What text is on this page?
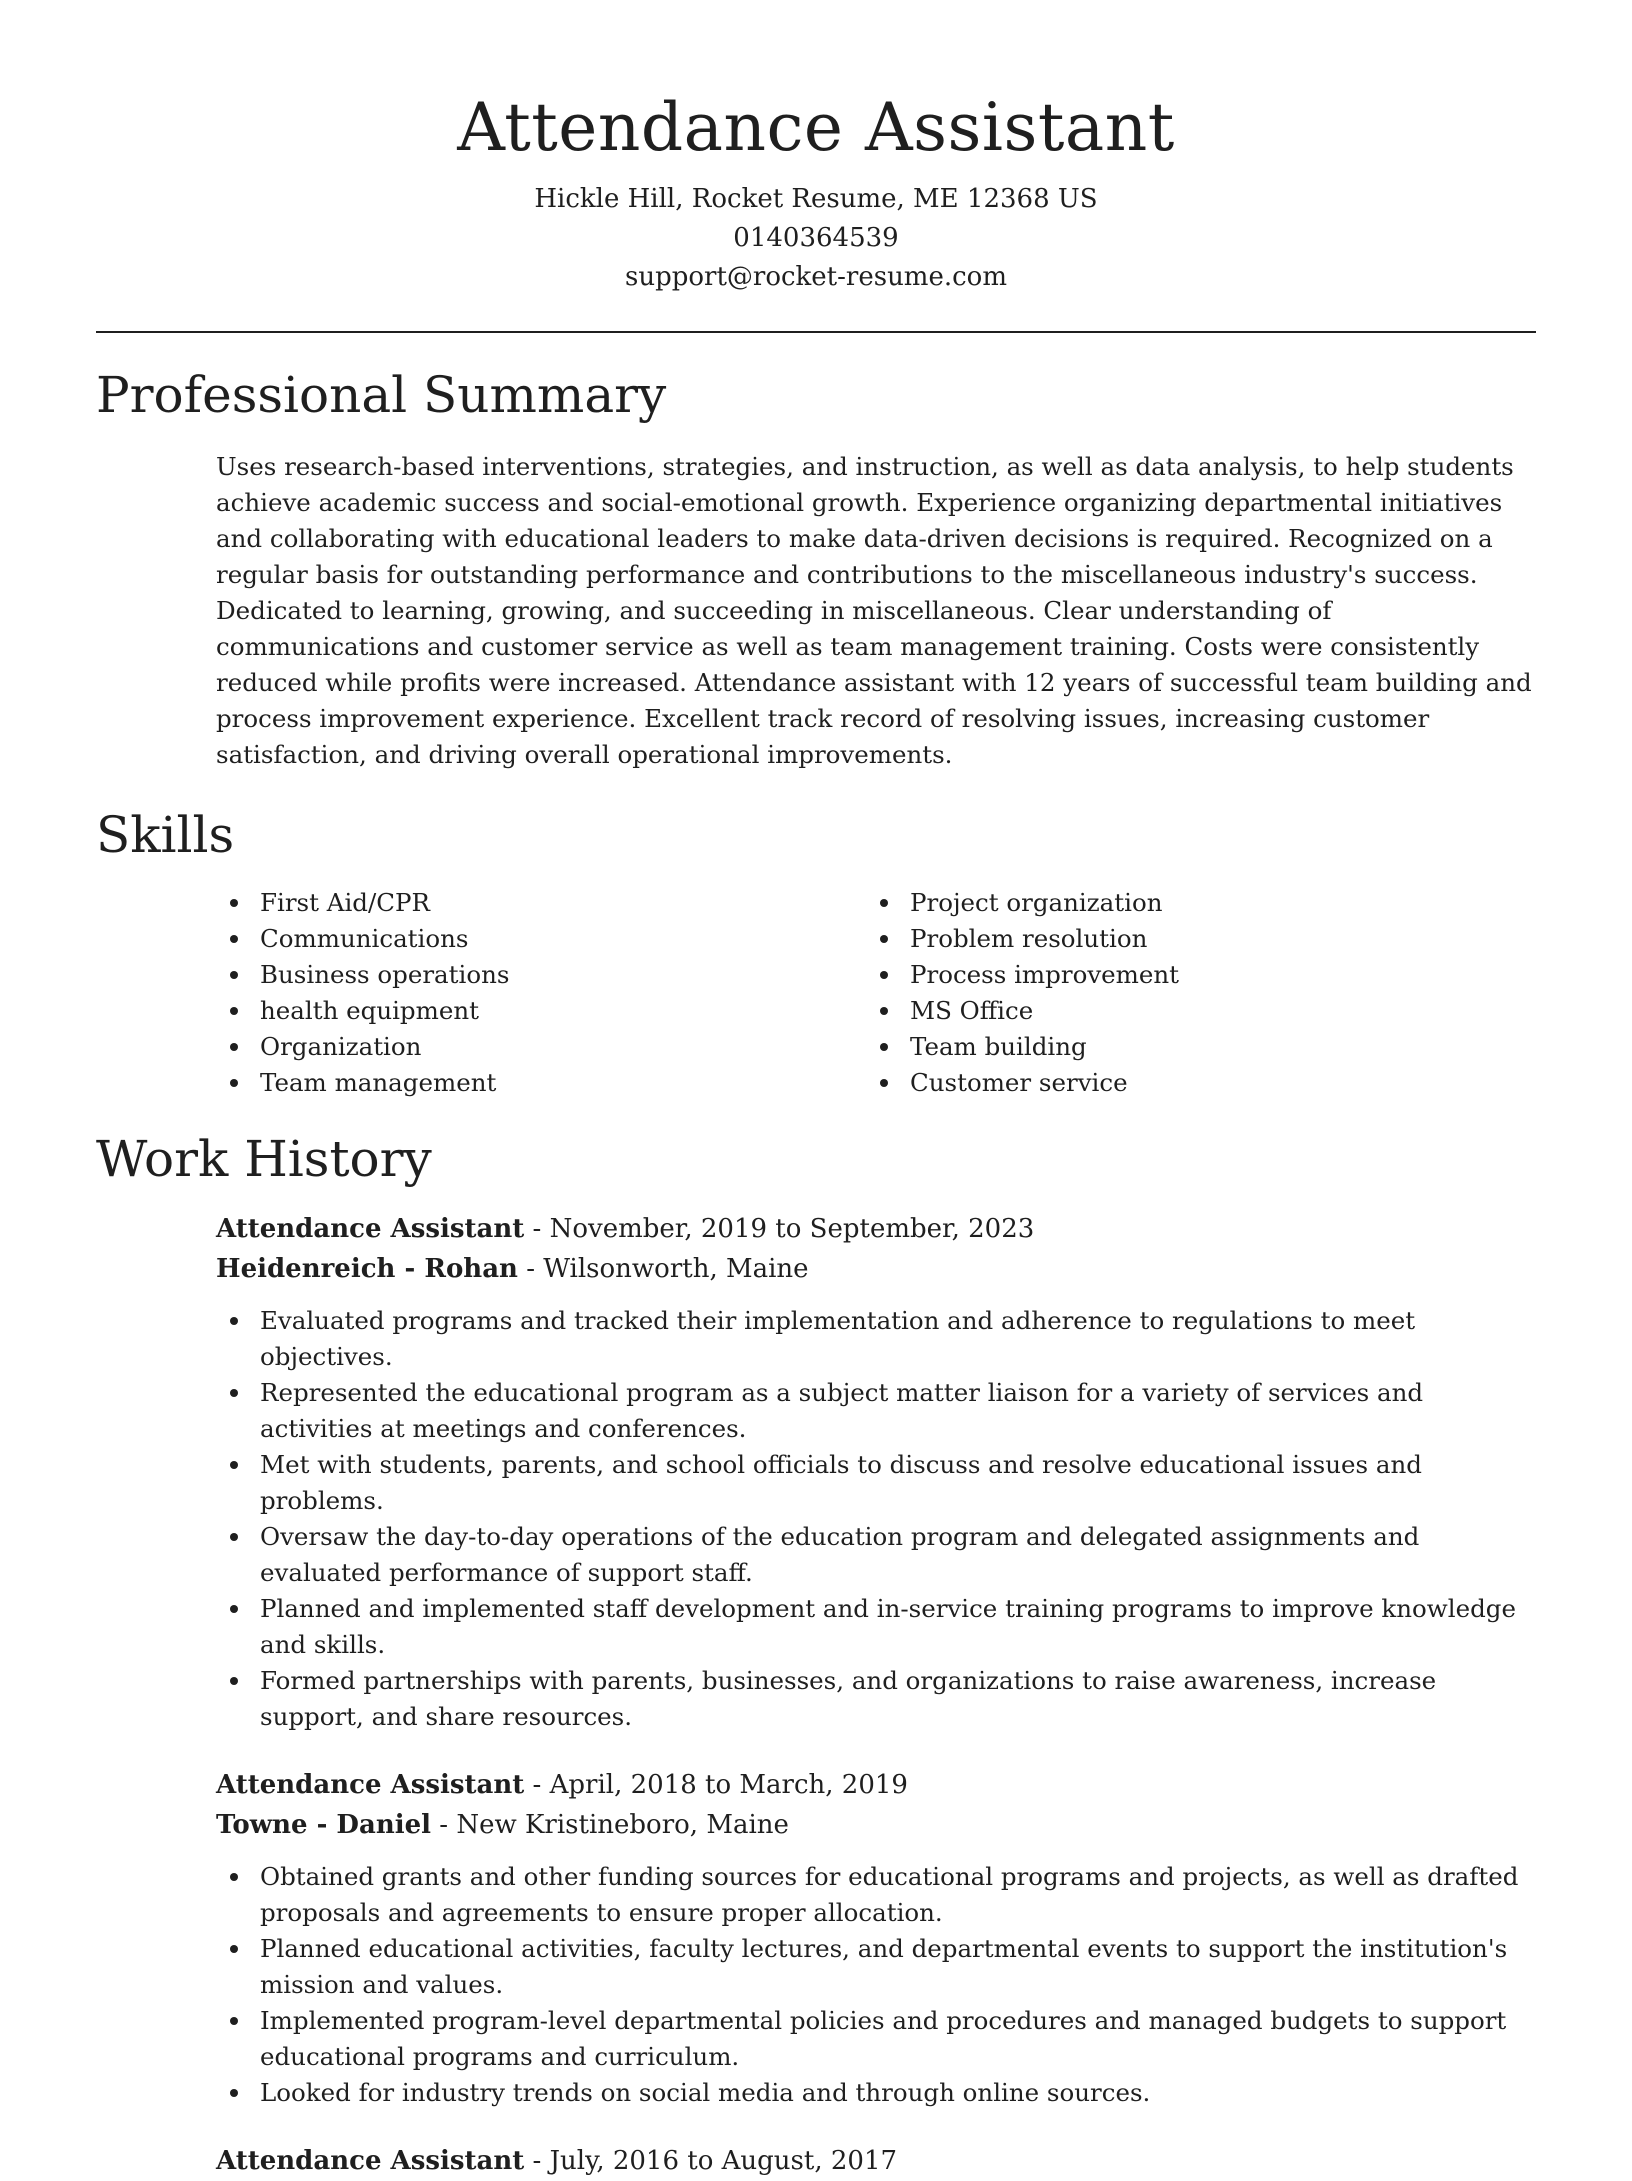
Attendance Assistant
Hickle Hill, Rocket Resume, ME 12368 US
0140364539
support@rocket-resume.com
Professional Summary

Uses research-based interventions, strategies, and instruction, as well as data analysis, to help students achieve academic success and social-emotional growth. Experience organizing departmental initiatives and collaborating with educational leaders to make data-driven decisions is required. Recognized on a regular basis for outstanding performance and contributions to the miscellaneous industry's success. Dedicated to learning, growing, and succeeding in miscellaneous. Clear understanding of communications and customer service as well as team management training. Costs were consistently reduced while profits were increased. Attendance assistant with 12 years of successful team building and process improvement experience. Excellent track record of resolving issues, increasing customer satisfaction, and driving overall operational improvements.

Skills
First Aid/CPR
Communications
Business operations
health equipment
Organization
Team management
Project organization
Problem resolution
Process improvement
MS Office
Team building
Customer service
Work History
Attendance Assistant - November, 2019 to September, 2023
Heidenreich - Rohan - Wilsonworth, Maine
Evaluated programs and tracked their implementation and adherence to regulations to meet objectives.
Represented the educational program as a subject matter liaison for a variety of services and activities at meetings and conferences.
Met with students, parents, and school officials to discuss and resolve educational issues and problems.
Oversaw the day-to-day operations of the education program and delegated assignments and evaluated performance of support staff.
Planned and implemented staff development and in-service training programs to improve knowledge and skills.
Formed partnerships with parents, businesses, and organizations to raise awareness, increase support, and share resources.
Attendance Assistant - April, 2018 to March, 2019
Towne - Daniel - New Kristineboro, Maine
Obtained grants and other funding sources for educational programs and projects, as well as drafted proposals and agreements to ensure proper allocation.
Planned educational activities, faculty lectures, and departmental events to support the institution's mission and values.
Implemented program-level departmental policies and procedures and managed budgets to support educational programs and curriculum.
Looked for industry trends on social media and through online sources.
Attendance Assistant - July, 2016 to August, 2017
